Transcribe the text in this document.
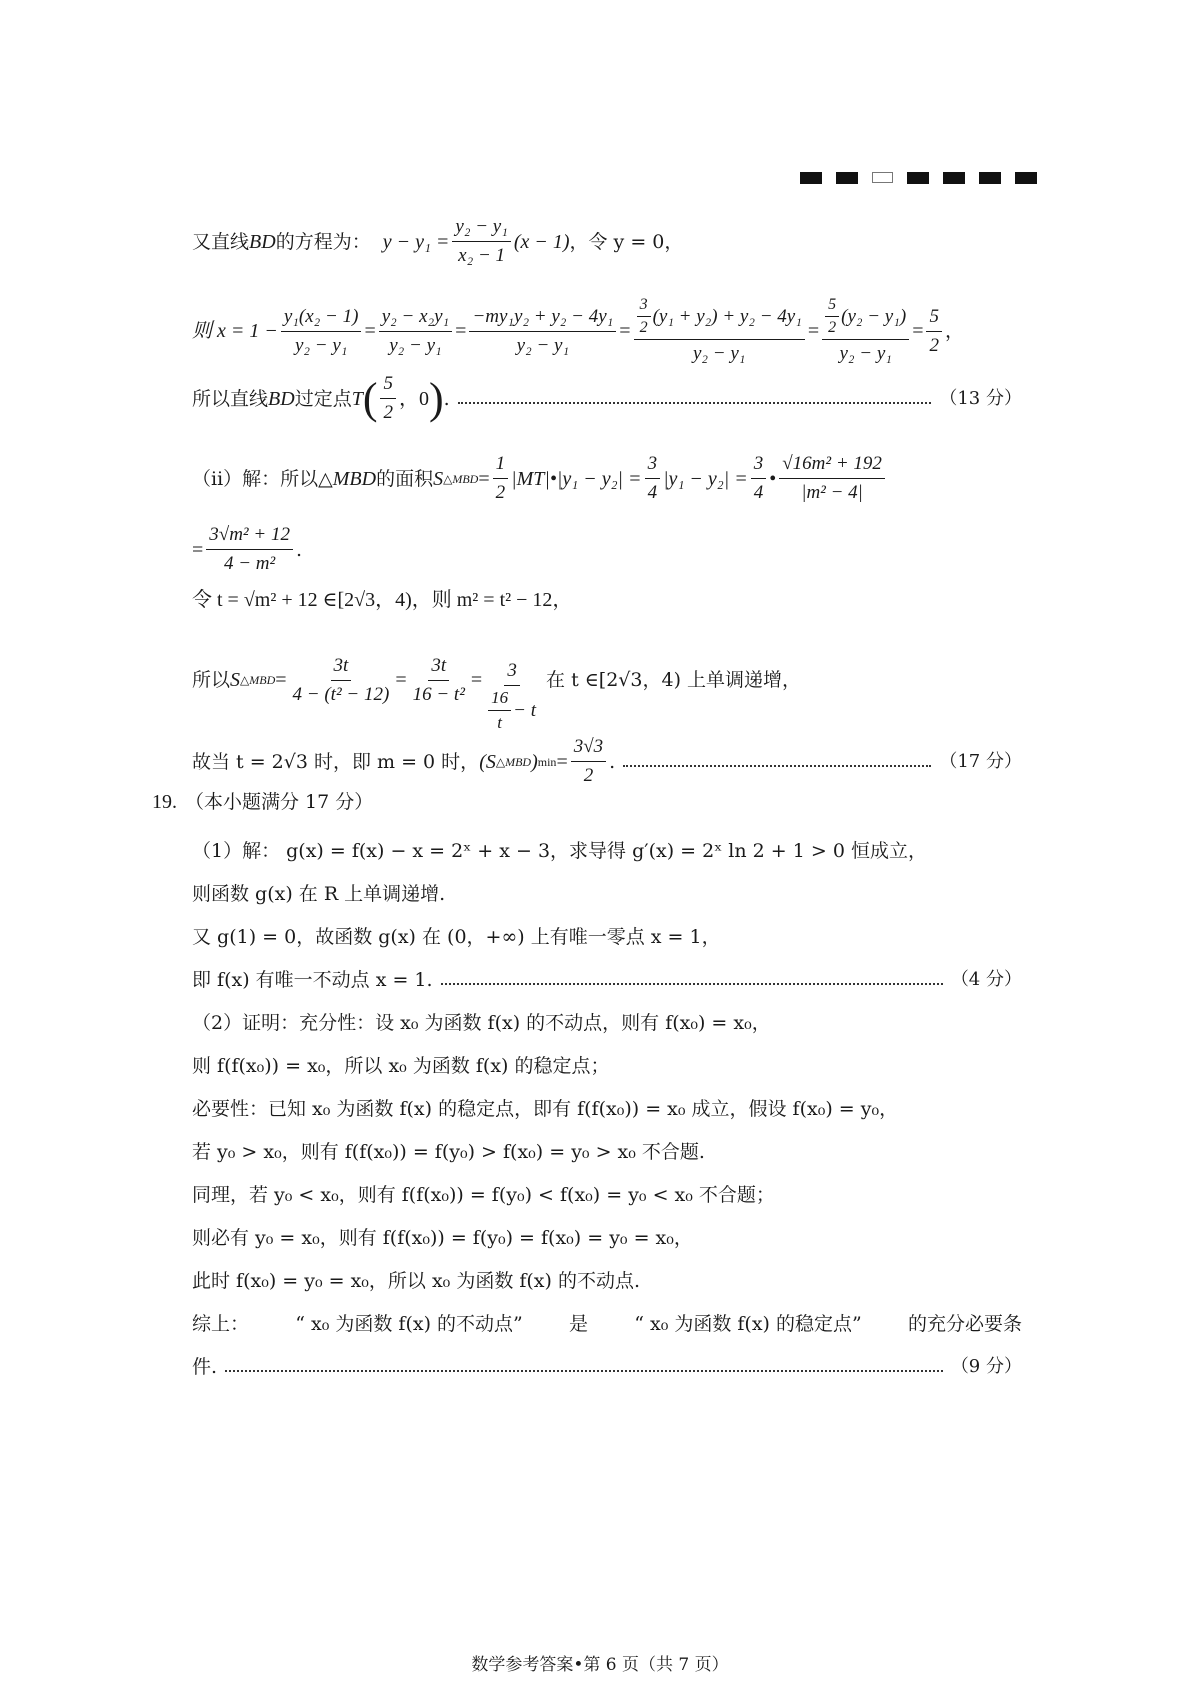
又直线 BD 的方程为： $y - y_1 = \frac{\text{y₂ − y₁}}{\text{x₂ − 1}} (x - 1)$ ，令 y = 0，
则 $x = 1 - \frac{\text{y₁(x₂ − 1)}}{\text{y₂ − y₁}} = \frac{\text{y₂ − x₂y₁}}{\text{y₂ − y₁}} = \frac{\text{−my₁y₂ + y₂ − 4y₁}}{\text{y₂ − y₁}} = \frac{\frac{3}{2} (y_1 + y_2) + y_2 - 4y_1}{\text{y₂ − y₁}} = \frac{\frac{5}{2} (y_2 - y_1)}{\text{y₂ − y₁}} = \frac{5}{2}$ ，
所以直线 BD 过定点 T ( $\frac{5}{2}$ ，0 ) .	（13 分）
（ⅱ）解：所以△ MBD 的面积 S △MBD = $\frac{1}{2}$ |MT|•|y₁ − $y_2| = \frac{3}{4} |y_1 - y_2| = \frac{3}{4}$ • $\frac{\text{√16m² + 192}}{\text{|m² − 4|}}$
= $\frac{\text{3√m² + 12}}{\text{4 − m²}}$ .
令 t = √m² + 12 ∈[2√3，4)，则 m² = t² − 12，
所以 S △MBD = $\frac{3t}{\text{4 − (t² − 12)}} = \frac{3t}{\text{16 − t²}} = \frac{3}{\frac{16}{t} - t}$ 在 t ∈[2√3，4) 上单调递增，
故当 t = 2√3 时，即 m = 0 时， (S △MBD ) $\min = \frac{3√3}{2}$ .	（17 分）
19. （本小题满分 17 分）
（1）解： g(x) = f(x) − x = 2ˣ + x − 3，求导得 g′(x) = 2ˣ ln 2 + 1 > 0 恒成立，
则函数 g(x) 在 R 上单调递增.
又 g(1) = 0，故函数 g(x) 在 (0，+∞) 上有唯一零点 x = 1，
即 f(x) 有唯一不动点 x = 1.	（4 分）
（2）证明：充分性：设 x₀ 为函数 f(x) 的不动点，则有 f(x₀) = x₀，
则 f(f(x₀)) = x₀，所以 x₀ 为函数 f(x) 的稳定点；
必要性：已知 x₀ 为函数 f(x) 的稳定点，即有 f(f(x₀)) = x₀ 成立，假设 f(x₀) = y₀，
若 y₀ > x₀，则有 f(f(x₀)) = f(y₀) > f(x₀) = y₀ > x₀ 不合题.
同理，若 y₀ < x₀，则有 f(f(x₀)) = f(y₀) < f(x₀) = y₀ < x₀ 不合题；
则必有 y₀ = x₀，则有 f(f(x₀)) = f(y₀) = f(x₀) = y₀ = x₀，
此时 f(x₀) = y₀ = x₀，所以 x₀ 为函数 f(x) 的不动点.
综上： “ x₀ 为函数 f(x) 的不动点” 是 “ x₀ 为函数 f(x) 的稳定点” 的充分必要条
件.	（9 分）
数学参考答案•第 6 页（共 7 页）
